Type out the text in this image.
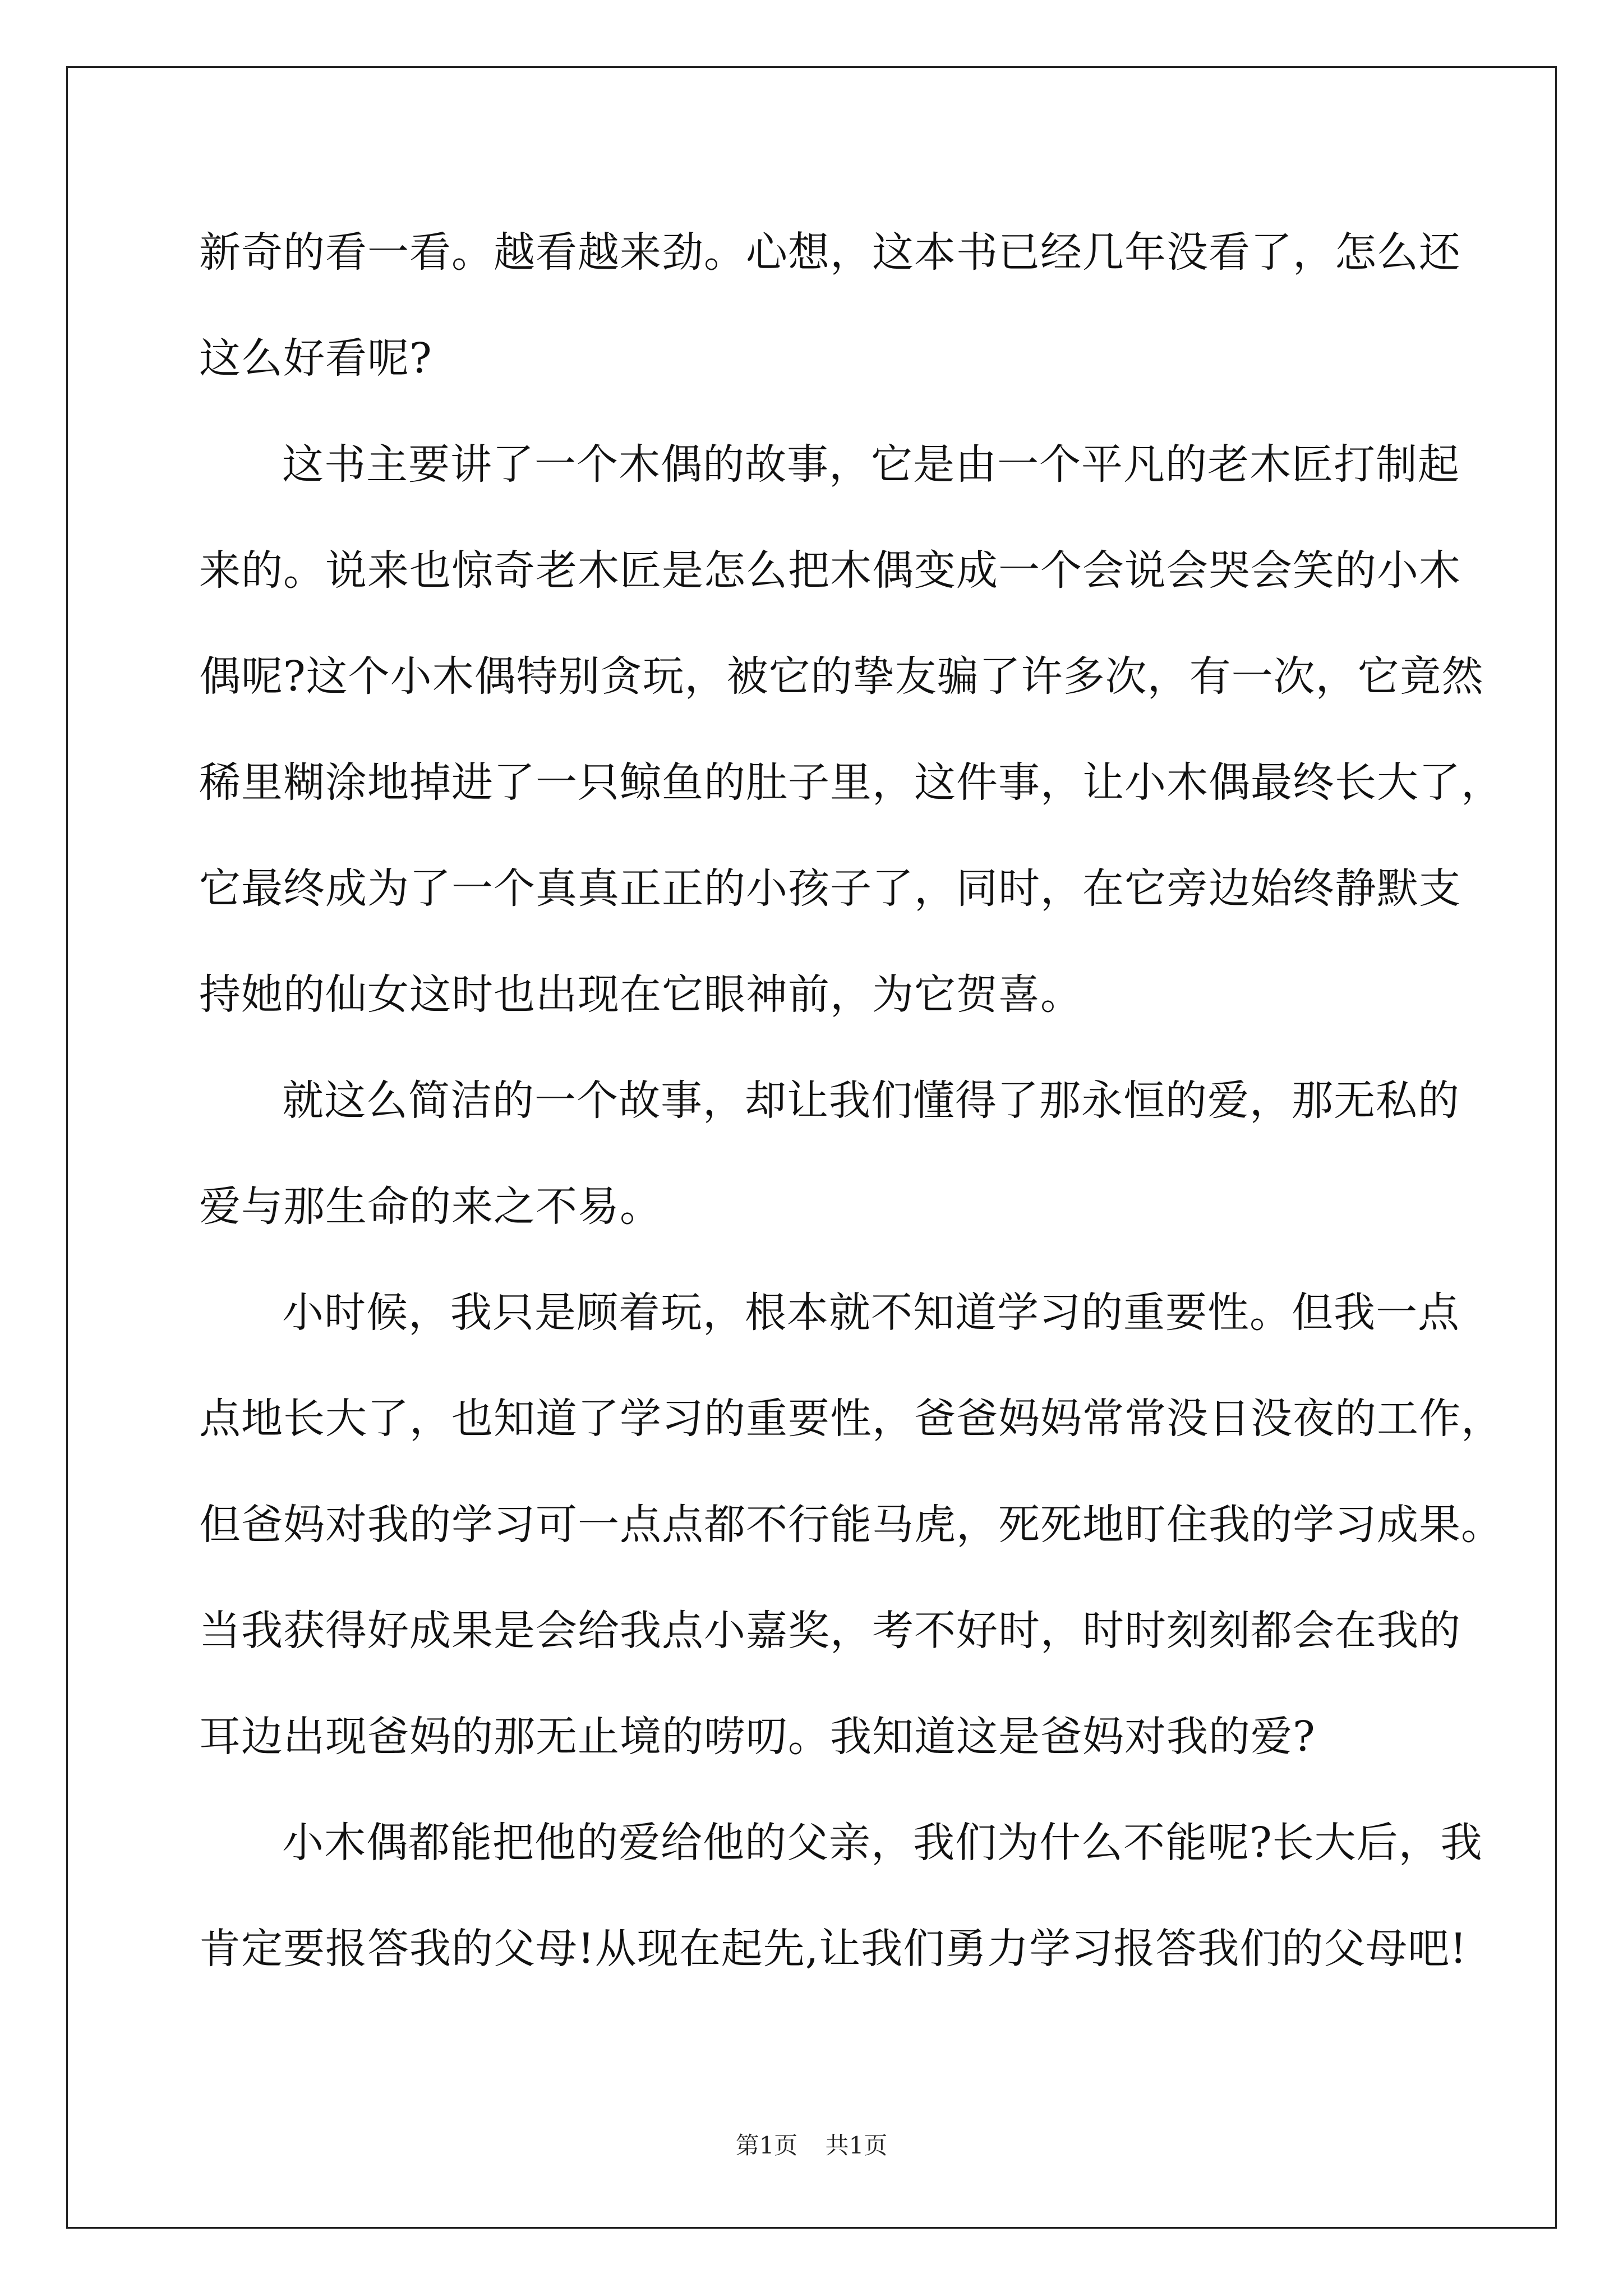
新奇的看一看。越看越来劲。心想，这本书已经几年没看了，怎么还
这么好看呢?
这书主要讲了一个木偶的故事，它是由一个平凡的老木匠打制起
来的。说来也惊奇老木匠是怎么把木偶变成一个会说会哭会笑的小木
偶呢?这个小木偶特别贪玩，被它的挚友骗了许多次，有一次，它竟然
稀里糊涂地掉进了一只鲸鱼的肚子里，这件事，让小木偶最终长大了，
它最终成为了一个真真正正的小孩子了，同时，在它旁边始终静默支
持她的仙女这时也出现在它眼神前，为它贺喜。
就这么简洁的一个故事，却让我们懂得了那永恒的爱，那无私的
爱与那生命的来之不易。
小时候，我只是顾着玩，根本就不知道学习的重要性。但我一点
点地长大了，也知道了学习的重要性，爸爸妈妈常常没日没夜的工作，
但爸妈对我的学习可一点点都不行能马虎，死死地盯住我的学习成果。
当我获得好成果是会给我点小嘉奖，考不好时，时时刻刻都会在我的
耳边出现爸妈的那无止境的唠叨。我知道这是爸妈对我的爱?
小木偶都能把他的爱给他的父亲，我们为什么不能呢?长大后，我
肯定要报答我的父母!从现在起先,让我们勇力学习报答我们的父母吧!
第1页 共1页
